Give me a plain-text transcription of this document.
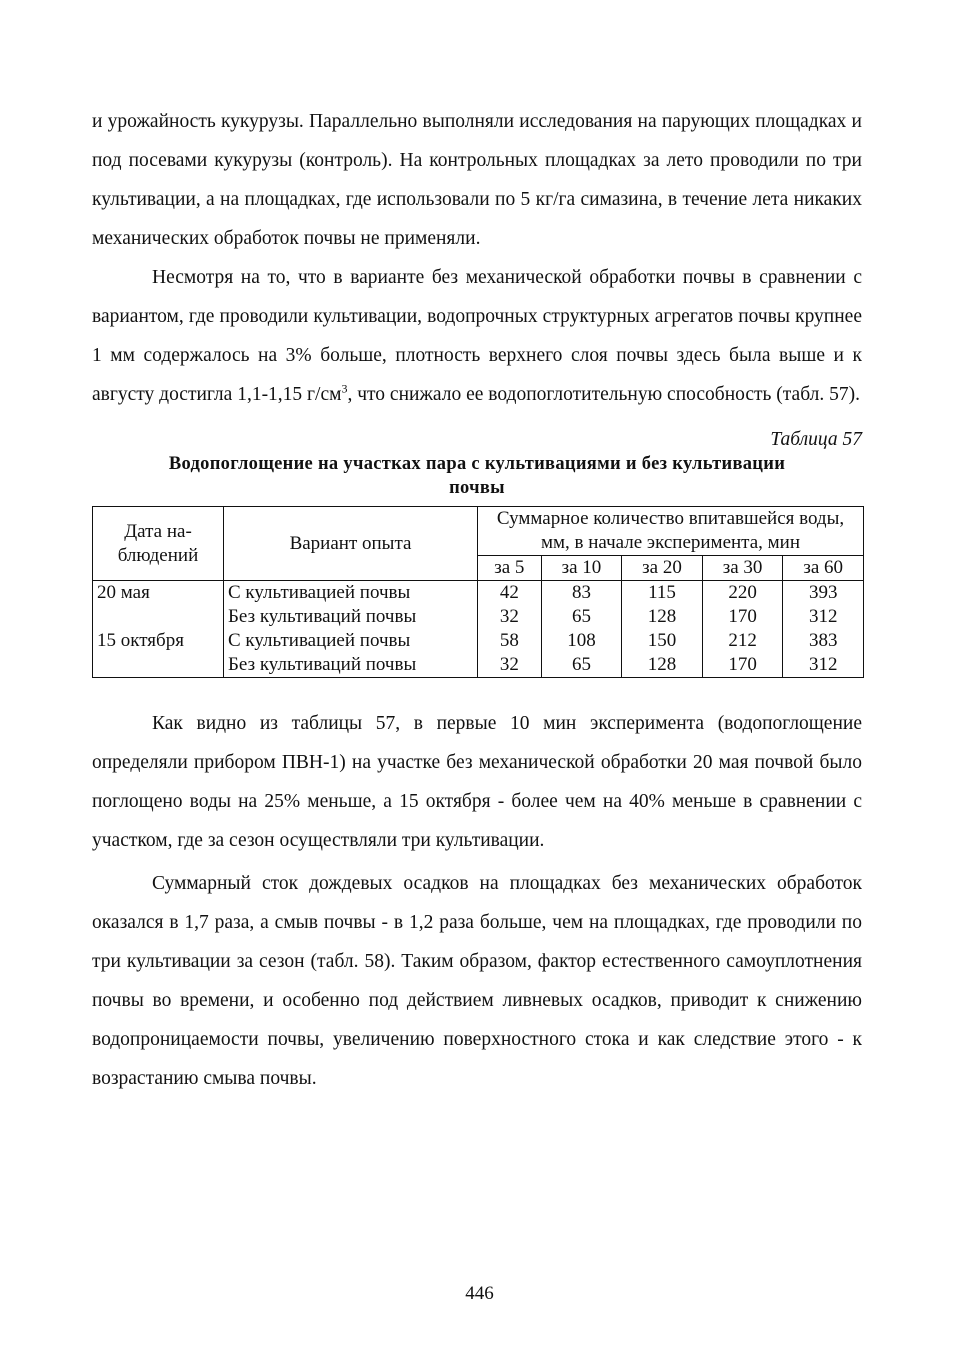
и урожайность кукурузы. Параллельно выполняли исследования на парующих площадках и под посевами кукурузы (контроль). На контрольных площадках за лето проводили по три культивации, а на площадках, где использовали по 5 кг/га симазина, в течение лета никаких механических обработок почвы не применяли.

Несмотря на то, что в варианте без механической обработки почвы в сравнении с вариантом, где проводили культивации, водопрочных структурных агрегатов почвы крупнее 1 мм содержалось на 3% больше, плотность верхнего слоя почвы здесь была выше и к августу достигла 1,1-1,15 $г/см^3$, что снижало ее водопоглотительную способность (табл. 57).

Таблица 57
Водопоглощение на участках пара с культивациями и без культивации почвы
Дата наблюдений	Вариант опыта	Суммарное количество впитавшейся воды, мм, в начале эксперимента, мин				
		за 5	за 10	за 20	за 30	за 60
20 мая	С культивацией почвы	42	83	115	220	393
	Без культиваций почвы	32	65	128	170	312
15 октября	С культивацией почвы	58	108	150	212	383
	Без культиваций почвы	32	65	128	170	312

Как видно из таблицы 57, в первые 10 мин эксперимента (водопоглощение определяли прибором ПВН-1) на участке без механической обработки 20 мая почвой было поглощено воды на 25% меньше, а 15 октября - более чем на 40% меньше в сравнении с участком, где за сезон осуществляли три культивации.

Суммарный сток дождевых осадков на площадках без механических обработок оказался в 1,7 раза, а смыв почвы - в 1,2 раза больше, чем на площадках, где проводили по три культивации за сезон (табл. 58). Таким образом, фактор естественного самоуплотнения почвы во времени, и особенно под действием ливневых осадков, приводит к снижению водопроницаемости почвы, увеличению поверхностного стока и как следствие этого - к возрастанию смыва почвы.

446
